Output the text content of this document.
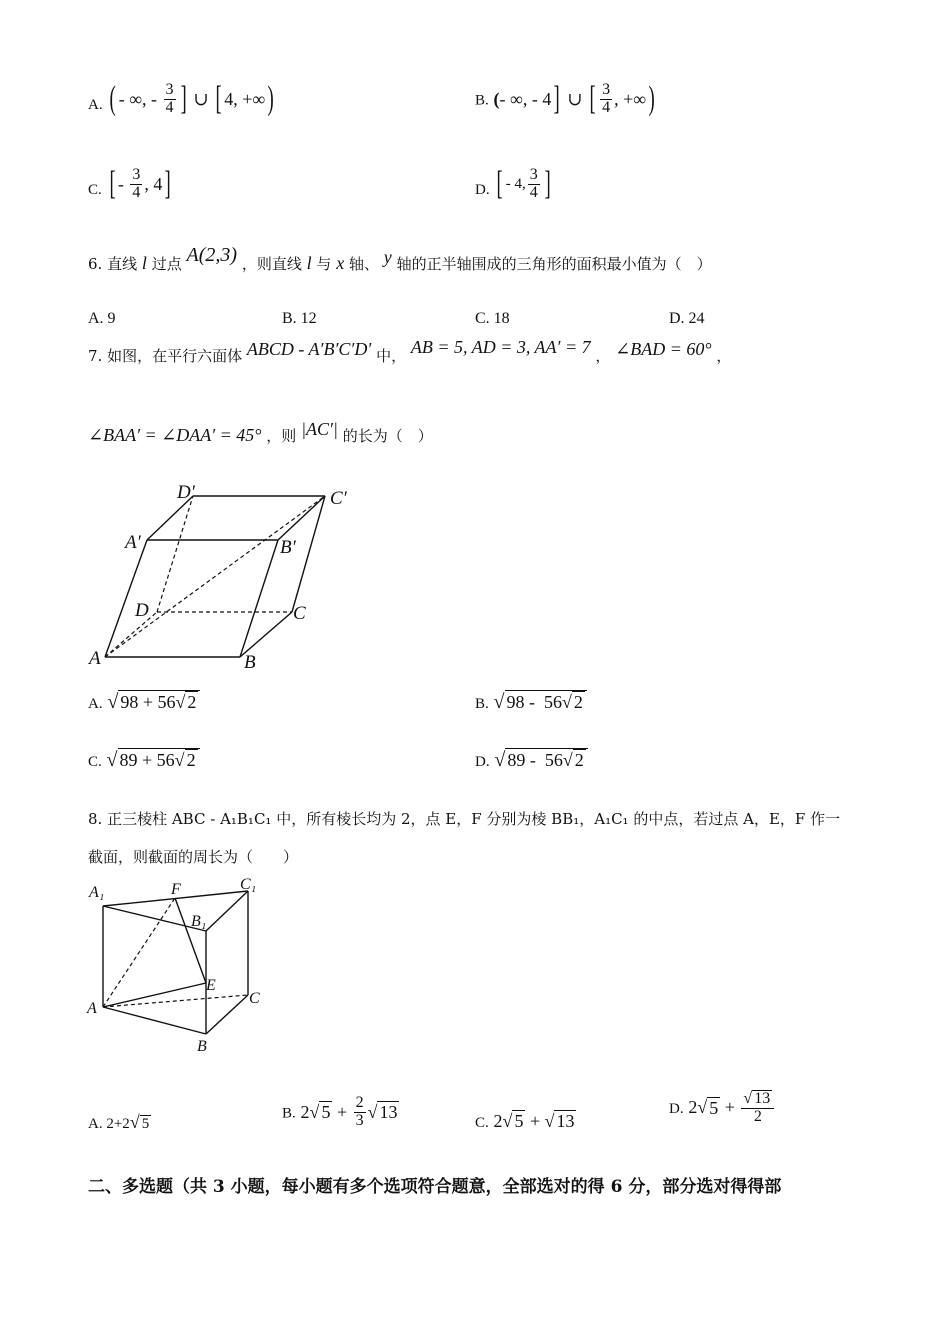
A. ( - ∞, - $\frac{3}{4}$ ] ∪ [ 4, +∞ )	B. ( - ∞, - 4 ] ∪ [ $\frac{3}{4}$ , +∞ )
C. [ - $\frac{3}{4}$ , 4 ]	D. [ - 4, $\frac{3}{4}$ ]
6. 直线 l 过点 A(2,3) ，则直线 l 与 x 轴、 y 轴的正半轴围成的三角形的面积最小值为（　）
A. 9	B. 12	C. 18	D. 24
7. 如图，在平行六面体 ABCD - A′B′C′D′ 中， AB = 5, AD = 3, AA′ = 7 ， ∠BAD = 60° ，
∠BAA′ = ∠DAA′ = 45° ，则 |AC′| 的长为（　）
D′	C′
A′	B′
D	C
A	B
A. √ 98 + 56√ 2	B. √ 98 -  56√ 2
C. √ 89 + 56√ 2	D. √ 89 -  56√ 2
8. 正三棱柱 ABC - A₁B₁C₁ 中，所有棱长均为 2，点 E，F 分别为棱 BB₁，A₁C₁ 的中点，若过点 A，E，F 作一
截面，则截面的周长为（　　）
A₁	F	C₁
B₁
E
A
C
B
A. 2+2√ 5
B. 2√ $5 + \frac{2}{3}$ √ 13
C. 2√ 5 + √ 13
D. 2√ $5 + \frac{√ 13}{2}$
二、多选题（共 3 小题，每小题有多个选项符合题意，全部选对的得 6 分，部分选对得得部
